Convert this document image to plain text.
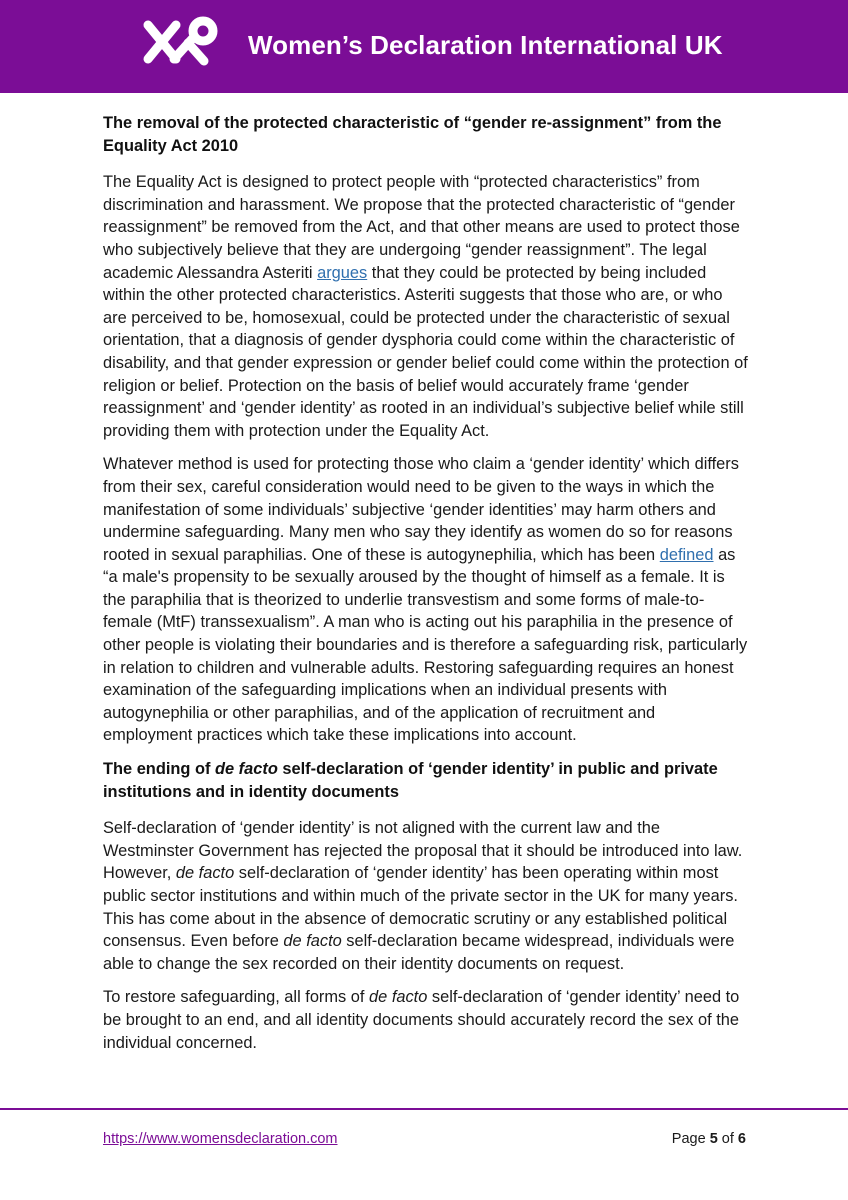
Women’s Declaration International UK
The removal of the protected characteristic of “gender re-assignment” from the Equality Act 2010

The Equality Act is designed to protect people with “protected characteristics” from discrimination and harassment. We propose that the protected characteristic of “gender reassignment” be removed from the Act, and that other means are used to protect those who subjectively believe that they are undergoing “gender reassignment”. The legal academic Alessandra Asteriti argues that they could be protected by being included within the other protected characteristics. Asteriti suggests that those who are, or who are perceived to be, homosexual, could be protected under the characteristic of sexual orientation, that a diagnosis of gender dysphoria could come within the characteristic of disability, and that gender expression or gender belief could come within the protection of religion or belief. Protection on the basis of belief would accurately frame ‘gender reassignment’ and ‘gender identity’ as rooted in an individual’s subjective belief while still providing them with protection under the Equality Act.

Whatever method is used for protecting those who claim a ‘gender identity’ which differs from their sex, careful consideration would need to be given to the ways in which the manifestation of some individuals’ subjective ‘gender identities’ may harm others and undermine safeguarding. Many men who say they identify as women do so for reasons rooted in sexual paraphilias. One of these is autogynephilia, which has been defined as “a male's propensity to be sexually aroused by the thought of himself as a female. It is the paraphilia that is theorized to underlie transvestism and some forms of male-to-female (MtF) transsexualism”. A man who is acting out his paraphilia in the presence of other people is violating their boundaries and is therefore a safeguarding risk, particularly in relation to children and vulnerable adults. Restoring safeguarding requires an honest examination of the safeguarding implications when an individual presents with autogynephilia or other paraphilias, and of the application of recruitment and employment practices which take these implications into account.

The ending of de facto self-declaration of ‘gender identity’ in public and private institutions and in identity documents

Self-declaration of ‘gender identity’ is not aligned with the current law and the Westminster Government has rejected the proposal that it should be introduced into law. However, de facto self-declaration of ‘gender identity’ has been operating within most public sector institutions and within much of the private sector in the UK for many years. This has come about in the absence of democratic scrutiny or any established political consensus. Even before de facto self-declaration became widespread, individuals were able to change the sex recorded on their identity documents on request.

To restore safeguarding, all forms of de facto self-declaration of ‘gender identity’ need to be brought to an end, and all identity documents should accurately record the sex of the individual concerned.

https://www.womensdeclaration.com	Page 5 of 6
